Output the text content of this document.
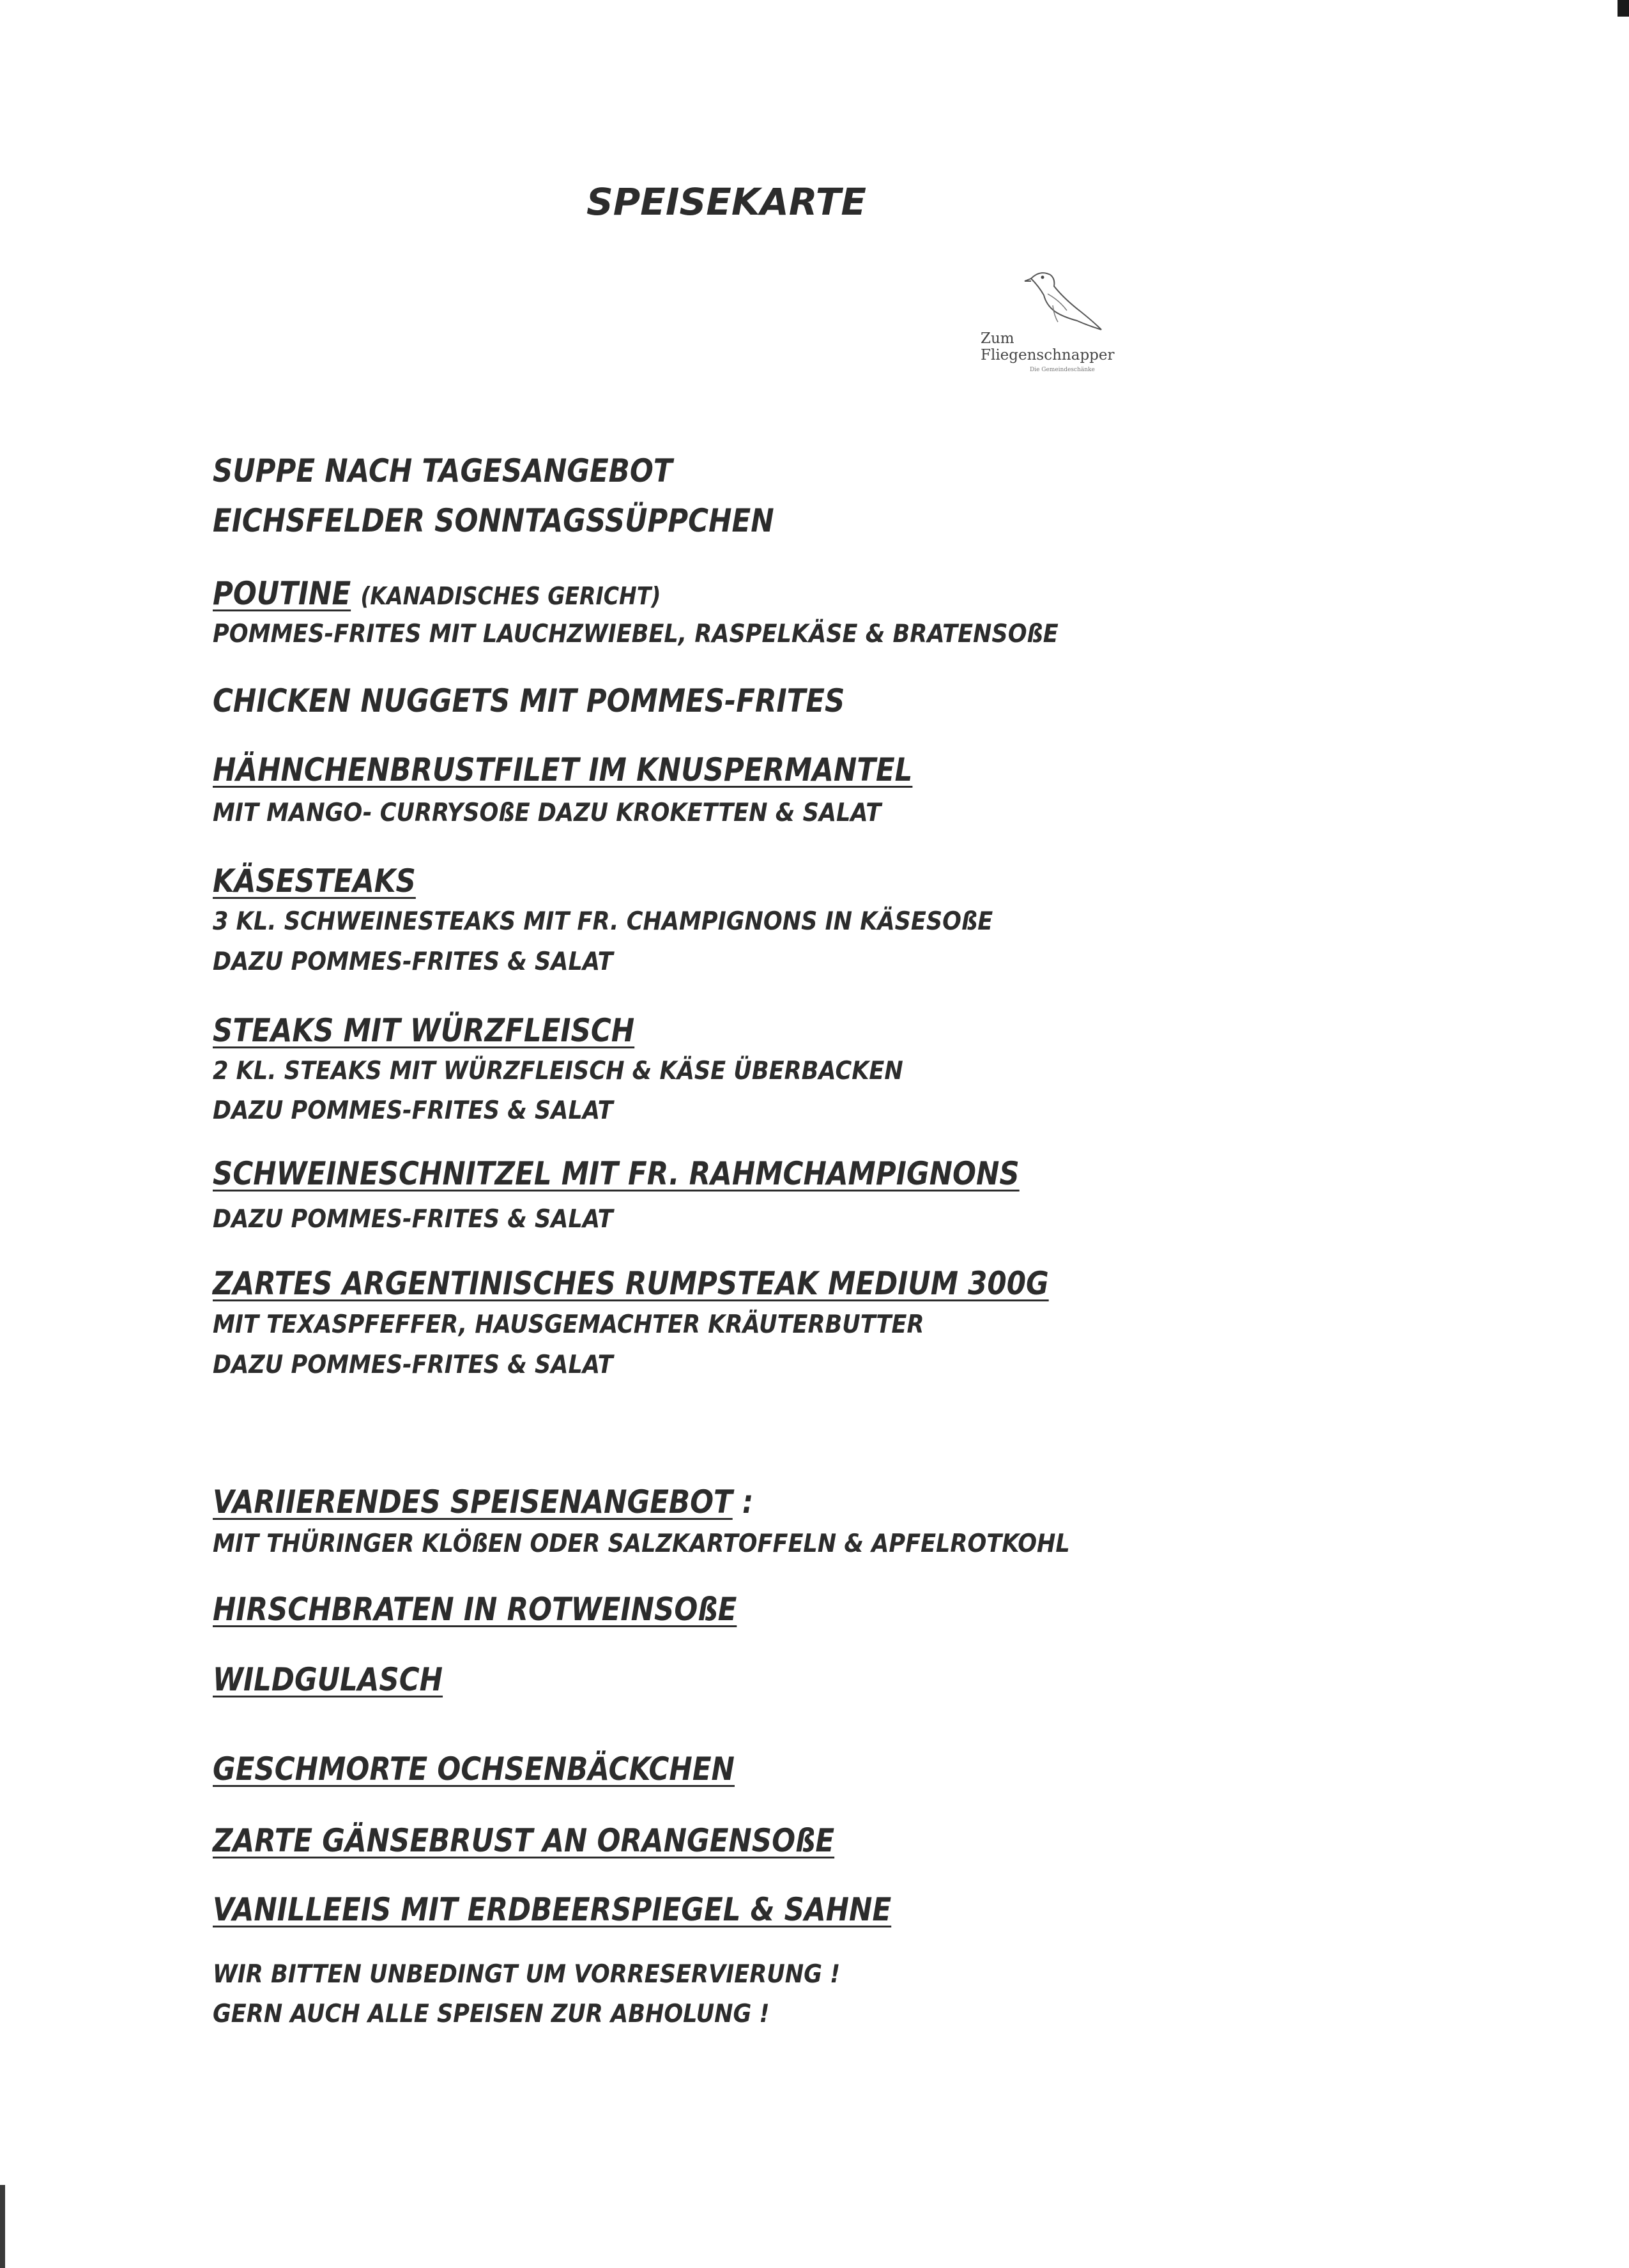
SPEISEKARTE
Zum
Fliegenschnapper
Die Gemeindeschänke

SUPPE NACH TAGESANGEBOT

EICHSFELDER SONNTAGSSÜPPCHEN

POUTINE (KANADISCHES GERICHT)

POMMES-FRITES MIT LAUCHZWIEBEL, RASPELKÄSE & BRATENSOßE

CHICKEN NUGGETS MIT POMMES-FRITES

HÄHNCHENBRUSTFILET IM KNUSPERMANTEL

MIT MANGO- CURRYSOßE DAZU KROKETTEN & SALAT

KÄSESTEAKS

3 KL. SCHWEINESTEAKS MIT FR. CHAMPIGNONS IN KÄSESOßE

DAZU POMMES-FRITES & SALAT

STEAKS MIT WÜRZFLEISCH

2 KL. STEAKS MIT WÜRZFLEISCH & KÄSE ÜBERBACKEN

DAZU POMMES-FRITES & SALAT

SCHWEINESCHNITZEL MIT FR. RAHMCHAMPIGNONS

DAZU POMMES-FRITES & SALAT

ZARTES ARGENTINISCHES RUMPSTEAK MEDIUM 300G

MIT TEXASPFEFFER, HAUSGEMACHTER KRÄUTERBUTTER

DAZU POMMES-FRITES & SALAT

VARIIERENDES SPEISENANGEBOT :

MIT THÜRINGER KLÖßEN ODER SALZKARTOFFELN & APFELROTKOHL

HIRSCHBRATEN IN ROTWEINSOßE

WILDGULASCH

GESCHMORTE OCHSENBÄCKCHEN

ZARTE GÄNSEBRUST AN ORANGENSOßE

VANILLEEIS MIT ERDBEERSPIEGEL & SAHNE

WIR BITTEN UNBEDINGT UM VORRESERVIERUNG !

GERN AUCH ALLE SPEISEN ZUR ABHOLUNG !
